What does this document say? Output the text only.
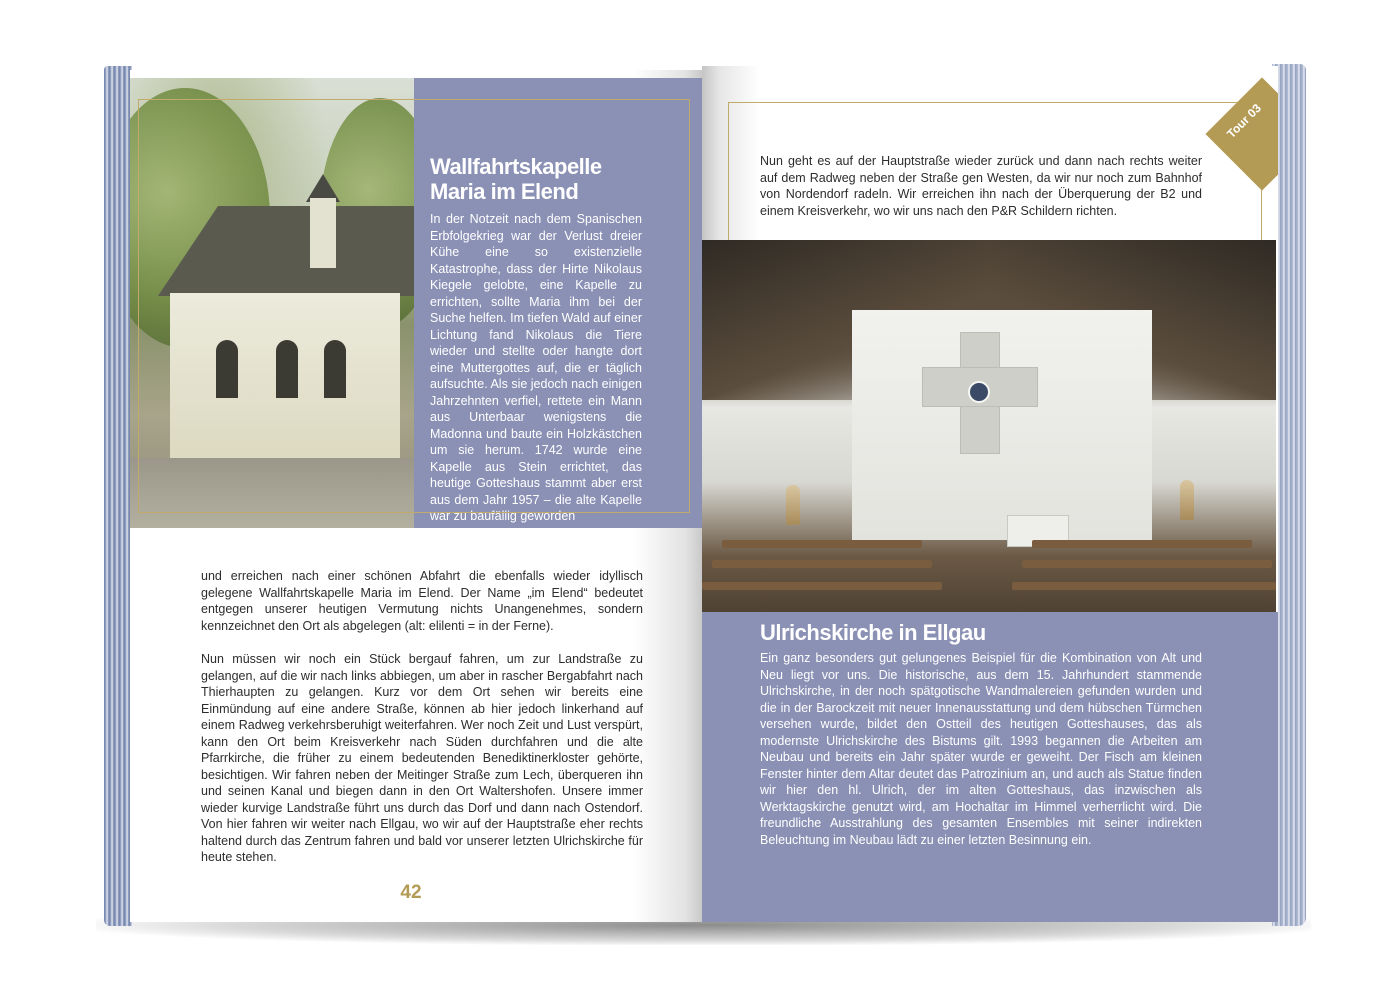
Wallfahrtskapelle
Maria im Elend
In der Notzeit nach dem Spanischen Erbfolgekrieg war der Verlust dreier Kühe eine so existenzielle Katastrophe, dass der Hirte Nikolaus Kiegele gelobte, eine Kapelle zu errichten, sollte Maria ihm bei der Suche helfen. Im tiefen Wald auf einer Lichtung fand Nikolaus die Tiere wieder und stellte oder hangte dort eine Muttergottes auf, die er täglich aufsuchte. Als sie jedoch nach einigen Jahrzehnten verfiel, rettete ein Mann aus Unterbaar wenigstens die Madonna und baute ein Holzkästchen um sie herum. 1742 wurde eine Kapelle aus Stein errichtet, das heutige Gotteshaus stammt aber erst aus dem Jahr 1957 – die alte Kapelle war zu baufällig geworden
und erreichen nach einer schönen Abfahrt die ebenfalls wieder idyllisch gelegene Wallfahrtskapelle Maria im Elend. Der Name „im Elend“ bedeutet entgegen unserer heutigen Vermutung nichts Unangenehmes, sondern kennzeichnet den Ort als abgelegen (alt: elilenti = in der Ferne).
Nun müssen wir noch ein Stück bergauf fahren, um zur Landstraße zu gelangen, auf die wir nach links abbiegen, um aber in rascher Bergabfahrt nach Thierhaupten zu gelangen. Kurz vor dem Ort sehen wir bereits eine Einmündung auf eine andere Straße, können ab hier jedoch linkerhand auf einem Radweg verkehrsberuhigt weiterfahren. Wer noch Zeit und Lust verspürt, kann den Ort beim Kreisverkehr nach Süden durchfahren und die alte Pfarrkirche, die früher zu einem bedeutenden Benediktinerkloster gehörte, besichtigen. Wir fahren neben der Meitinger Straße zum Lech, überqueren ihn und seinen Kanal und biegen dann in den Ort Waltershofen. Unsere immer wieder kurvige Landstraße führt uns durch das Dorf und dann nach Ostendorf. Von hier fahren wir weiter nach Ellgau, wo wir auf der Hauptstraße eher rechts haltend durch das Zentrum fahren und bald vor unserer letzten Ulrichskirche für heute stehen.
42
Tour 03
Nun geht es auf der Hauptstraße wieder zurück und dann nach rechts weiter auf dem Radweg neben der Straße gen Westen, da wir nur noch zum Bahnhof von Nordendorf radeln. Wir erreichen ihn nach der Überquerung der B2 und einem Kreisverkehr, wo wir uns nach den P&R Schildern richten.
Ulrichskirche in Ellgau
Ein ganz besonders gut gelungenes Beispiel für die Kombination von Alt und Neu liegt vor uns. Die historische, aus dem 15. Jahrhundert stammende Ulrichskirche, in der noch spätgotische Wandmalereien gefunden wurden und die in der Barockzeit mit neuer Innenausstattung und dem hübschen Türmchen versehen wurde, bildet den Ostteil des heutigen Gotteshauses, das als modernste Ulrichskirche des Bistums gilt. 1993 begannen die Arbeiten am Neubau und bereits ein Jahr später wurde er geweiht. Der Fisch am kleinen Fenster hinter dem Altar deutet das Patrozinium an, und auch als Statue finden wir hier den hl. Ulrich, der im alten Gotteshaus, das inzwischen als Werktagskirche genutzt wird, am Hochaltar im Himmel verherrlicht wird. Die freundliche Ausstrahlung des gesamten Ensembles mit seiner indirekten Beleuchtung im Neubau lädt zu einer letzten Besinnung ein.
